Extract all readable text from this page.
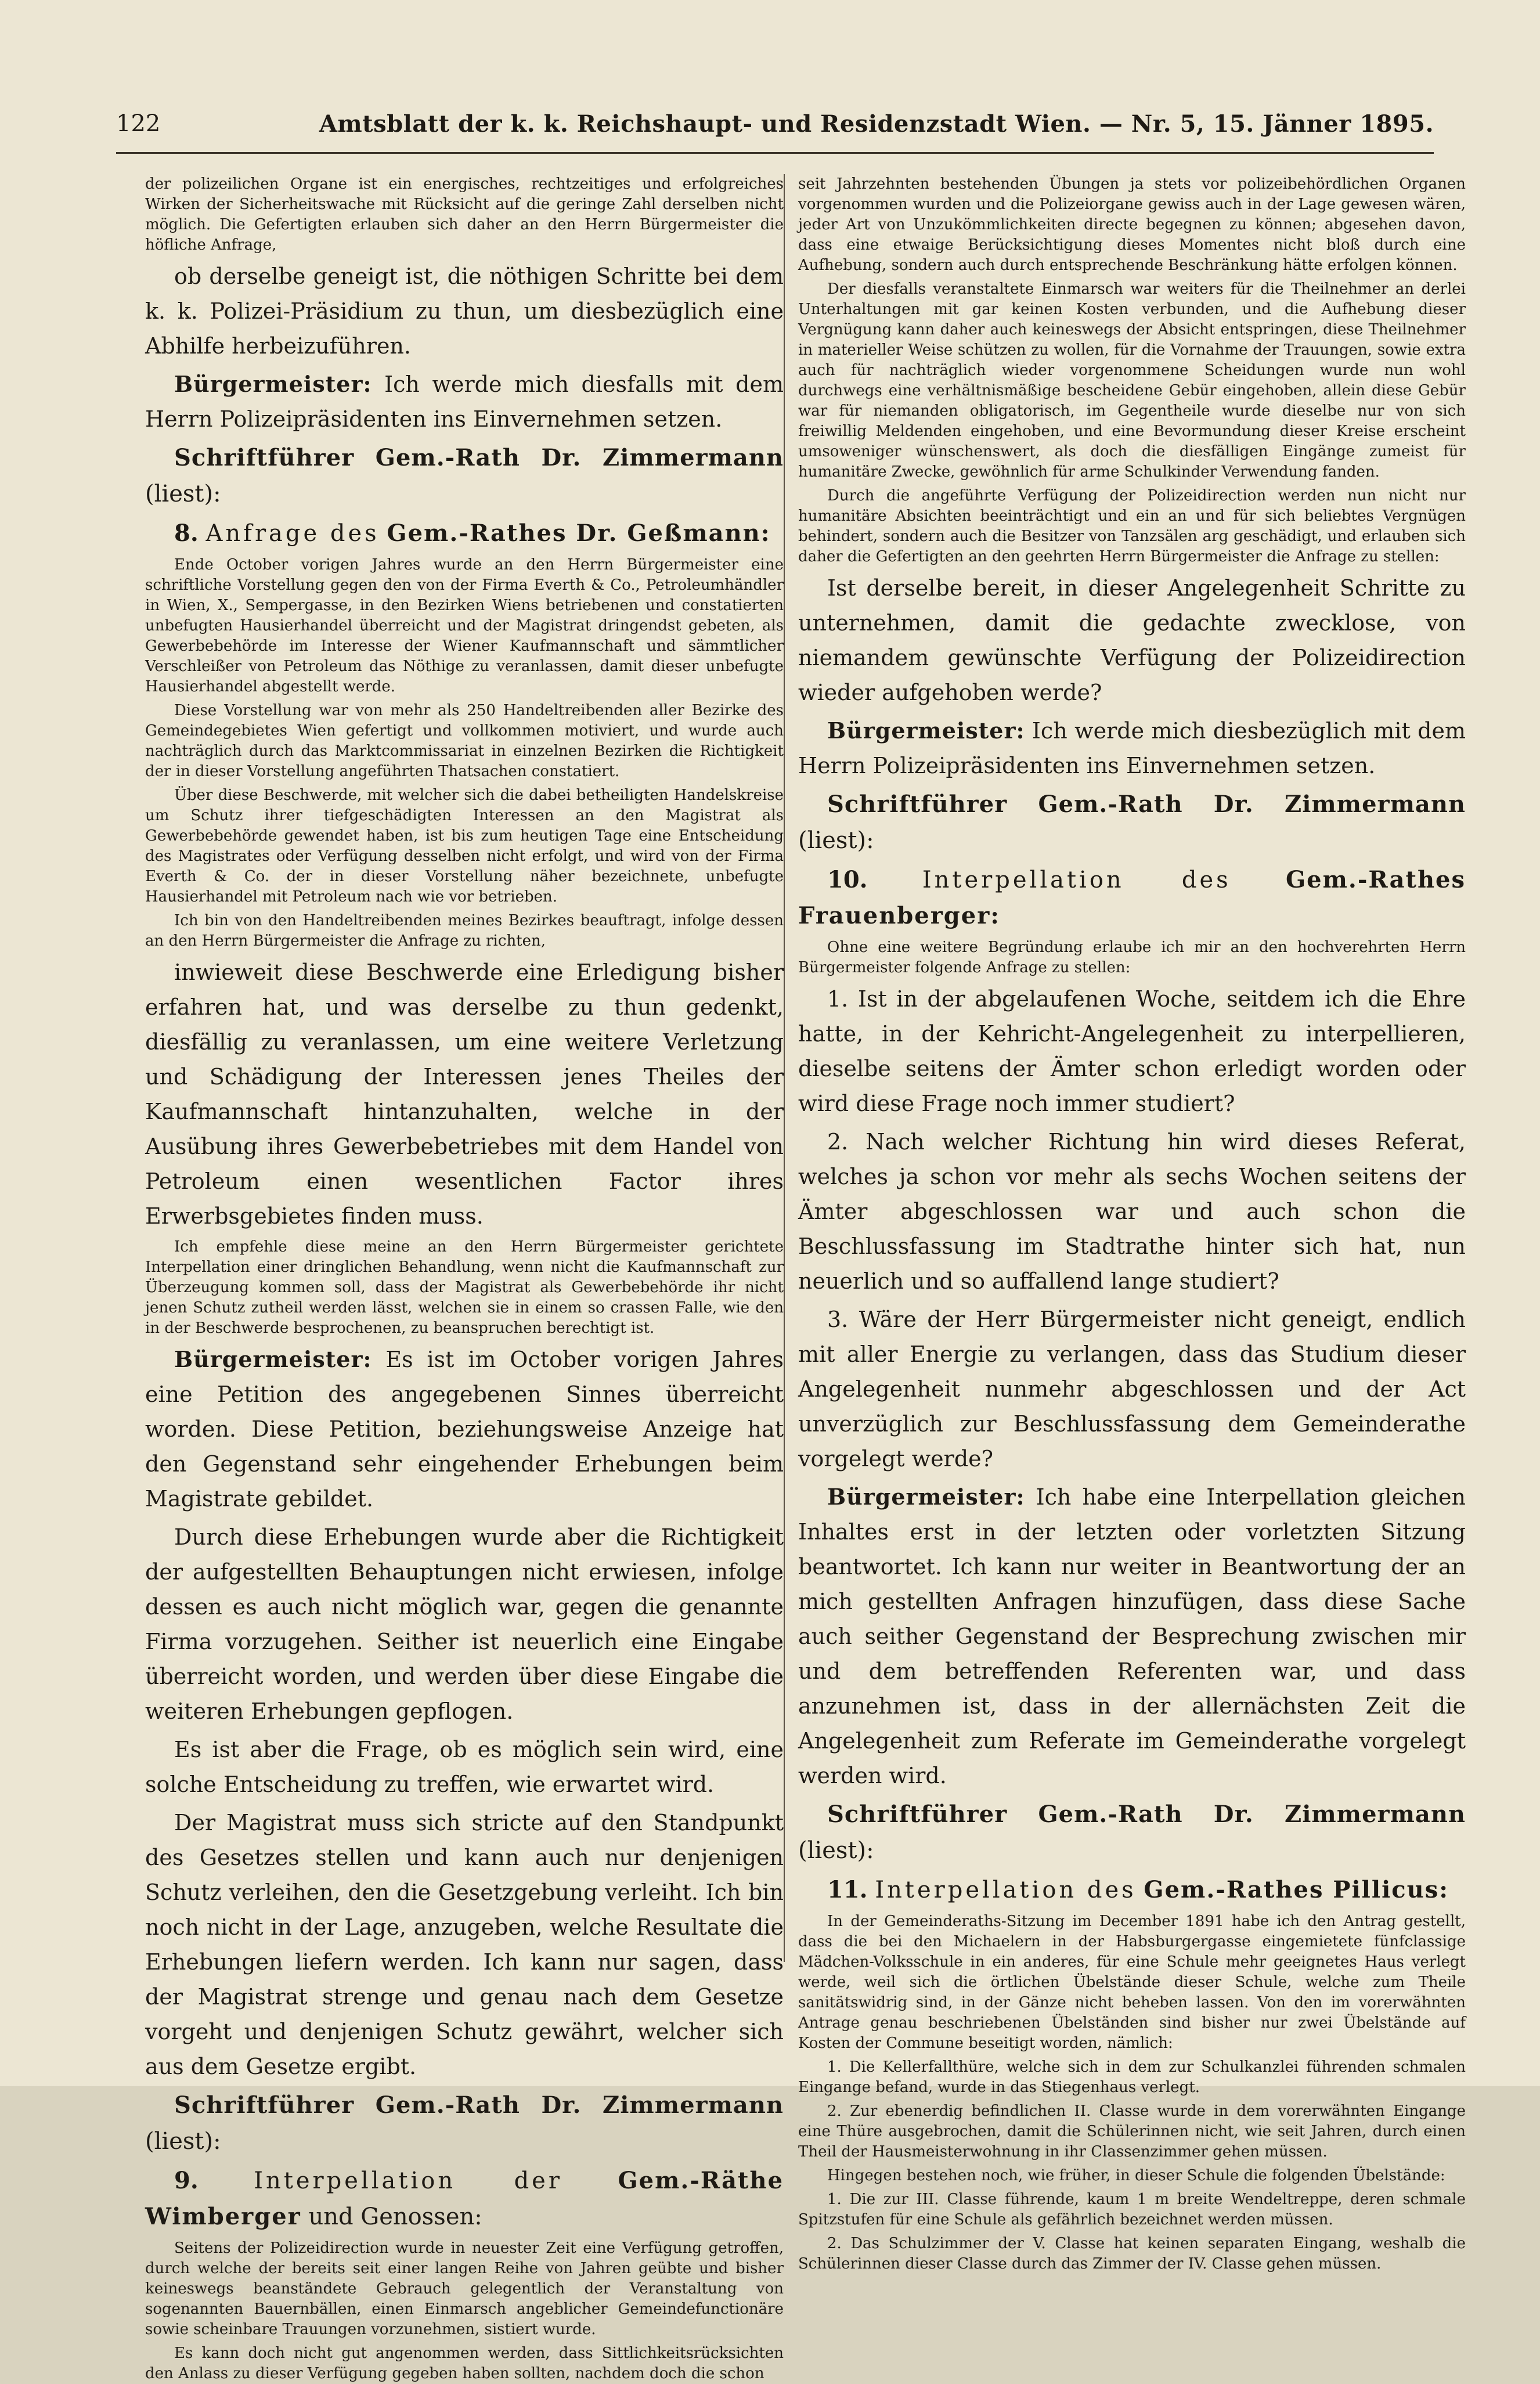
122	Amtsblatt der k. k. Reichshaupt- und Residenzstadt Wien. — Nr. 5, 15. Jänner 1895.

der polizeilichen Organe ist ein energisches, rechtzeitiges und erfolgreiches Wirken der Sicherheitswache mit Rücksicht auf die geringe Zahl derselben nicht möglich. Die Gefertigten erlauben sich daher an den Herrn Bürgermeister die höfliche Anfrage,

ob derselbe geneigt ist, die nöthigen Schritte bei dem k. k. Polizei-Präsidium zu thun, um diesbezüglich eine Abhilfe herbeizuführen.

Bürgermeister: Ich werde mich diesfalls mit dem Herrn Polizeipräsidenten ins Einvernehmen setzen.

Schriftführer Gem.-Rath Dr. Zimmermann (liest):

8. Anfrage des Gem.-Rathes Dr. Geßmann:

Ende October vorigen Jahres wurde an den Herrn Bürgermeister eine schriftliche Vorstellung gegen den von der Firma Everth & Co., Petroleumhändler in Wien, X., Sempergasse, in den Bezirken Wiens betriebenen und constatierten unbefugten Hausierhandel überreicht und der Magistrat dringendst gebeten, als Gewerbebehörde im Interesse der Wiener Kaufmannschaft und sämmtlicher Verschleißer von Petroleum das Nöthige zu veranlassen, damit dieser unbefugte Hausierhandel abgestellt werde.

Diese Vorstellung war von mehr als 250 Handeltreibenden aller Bezirke des Gemeindegebietes Wien gefertigt und vollkommen motiviert, und wurde auch nachträglich durch das Marktcommissariat in einzelnen Bezirken die Richtigkeit der in dieser Vorstellung angeführten Thatsachen constatiert.

Über diese Beschwerde, mit welcher sich die dabei betheiligten Handelskreise um Schutz ihrer tiefgeschädigten Interessen an den Magistrat als Gewerbebehörde gewendet haben, ist bis zum heutigen Tage eine Entscheidung des Magistrates oder Verfügung desselben nicht erfolgt, und wird von der Firma Everth & Co. der in dieser Vorstellung näher bezeichnete, unbefugte Hausierhandel mit Petroleum nach wie vor betrieben.

Ich bin von den Handeltreibenden meines Bezirkes beauftragt, infolge dessen an den Herrn Bürgermeister die Anfrage zu richten,

inwieweit diese Beschwerde eine Erledigung bisher erfahren hat, und was derselbe zu thun gedenkt, diesfällig zu veranlassen, um eine weitere Verletzung und Schädigung der Interessen jenes Theiles der Kaufmannschaft hintanzuhalten, welche in der Ausübung ihres Gewerbebetriebes mit dem Handel von Petroleum einen wesentlichen Factor ihres Erwerbsgebietes finden muss.

Ich empfehle diese meine an den Herrn Bürgermeister gerichtete Interpellation einer dringlichen Behandlung, wenn nicht die Kaufmannschaft zur Überzeugung kommen soll, dass der Magistrat als Gewerbebehörde ihr nicht jenen Schutz zutheil werden lässt, welchen sie in einem so crassen Falle, wie den in der Beschwerde besprochenen, zu beanspruchen berechtigt ist.

Bürgermeister: Es ist im October vorigen Jahres eine Petition des angegebenen Sinnes überreicht worden. Diese Petition, beziehungsweise Anzeige hat den Gegenstand sehr eingehender Erhebungen beim Magistrate gebildet.

Durch diese Erhebungen wurde aber die Richtigkeit der aufgestellten Behauptungen nicht erwiesen, infolge dessen es auch nicht möglich war, gegen die genannte Firma vorzugehen. Seither ist neuerlich eine Eingabe überreicht worden, und werden über diese Eingabe die weiteren Erhebungen gepflogen.

Es ist aber die Frage, ob es möglich sein wird, eine solche Entscheidung zu treffen, wie erwartet wird.

Der Magistrat muss sich stricte auf den Standpunkt des Gesetzes stellen und kann auch nur denjenigen Schutz verleihen, den die Gesetzgebung verleiht. Ich bin noch nicht in der Lage, anzugeben, welche Resultate die Erhebungen liefern werden. Ich kann nur sagen, dass der Magistrat strenge und genau nach dem Gesetze vorgeht und denjenigen Schutz gewährt, welcher sich aus dem Gesetze ergibt.

Schriftführer Gem.-Rath Dr. Zimmermann (liest):

9. Interpellation der Gem.-Räthe Wimberger und Genossen:

Seitens der Polizeidirection wurde in neuester Zeit eine Verfügung getroffen, durch welche der bereits seit einer langen Reihe von Jahren geübte und bisher keineswegs beanständete Gebrauch gelegentlich der Veranstaltung von sogenannten Bauernbällen, einen Einmarsch angeblicher Gemeindefunctionäre sowie scheinbare Trauungen vorzunehmen, sistiert wurde.

Es kann doch nicht gut angenommen werden, dass Sittlichkeitsrücksichten den Anlass zu dieser Verfügung gegeben haben sollten, nachdem doch die schon

seit Jahrzehnten bestehenden Übungen ja stets vor polizeibehördlichen Organen vorgenommen wurden und die Polizeiorgane gewiss auch in der Lage gewesen wären, jeder Art von Unzukömmlichkeiten directe begegnen zu können; abgesehen davon, dass eine etwaige Berücksichtigung dieses Momentes nicht bloß durch eine Aufhebung, sondern auch durch entsprechende Beschränkung hätte erfolgen können.

Der diesfalls veranstaltete Einmarsch war weiters für die Theilnehmer an derlei Unterhaltungen mit gar keinen Kosten verbunden, und die Aufhebung dieser Vergnügung kann daher auch keineswegs der Absicht entspringen, diese Theilnehmer in materieller Weise schützen zu wollen, für die Vornahme der Trauungen, sowie extra auch für nachträglich wieder vorgenommene Scheidungen wurde nun wohl durchwegs eine verhältnismäßige bescheidene Gebür eingehoben, allein diese Gebür war für niemanden obligatorisch, im Gegentheile wurde dieselbe nur von sich freiwillig Meldenden eingehoben, und eine Bevormundung dieser Kreise erscheint umsoweniger wünschenswert, als doch die diesfälligen Eingänge zumeist für humanitäre Zwecke, gewöhnlich für arme Schulkinder Verwendung fanden.

Durch die angeführte Verfügung der Polizeidirection werden nun nicht nur humanitäre Absichten beeinträchtigt und ein an und für sich beliebtes Vergnügen behindert, sondern auch die Besitzer von Tanzsälen arg geschädigt, und erlauben sich daher die Gefertigten an den geehrten Herrn Bürgermeister die Anfrage zu stellen:

Ist derselbe bereit, in dieser Angelegenheit Schritte zu unternehmen, damit die gedachte zwecklose, von niemandem gewünschte Verfügung der Polizeidirection wieder aufgehoben werde?

Bürgermeister: Ich werde mich diesbezüglich mit dem Herrn Polizeipräsidenten ins Einvernehmen setzen.

Schriftführer Gem.-Rath Dr. Zimmermann (liest):

10. Interpellation des Gem.-Rathes Frauenberger:

Ohne eine weitere Begründung erlaube ich mir an den hochverehrten Herrn Bürgermeister folgende Anfrage zu stellen:

1. Ist in der abgelaufenen Woche, seitdem ich die Ehre hatte, in der Kehricht-Angelegenheit zu interpellieren, dieselbe seitens der Ämter schon erledigt worden oder wird diese Frage noch immer studiert?

2. Nach welcher Richtung hin wird dieses Referat, welches ja schon vor mehr als sechs Wochen seitens der Ämter abgeschlossen war und auch schon die Beschlussfassung im Stadtrathe hinter sich hat, nun neuerlich und so auffallend lange studiert?

3. Wäre der Herr Bürgermeister nicht geneigt, endlich mit aller Energie zu verlangen, dass das Studium dieser Angelegenheit nunmehr abgeschlossen und der Act unverzüglich zur Beschlussfassung dem Gemeinderathe vorgelegt werde?

Bürgermeister: Ich habe eine Interpellation gleichen Inhaltes erst in der letzten oder vorletzten Sitzung beantwortet. Ich kann nur weiter in Beantwortung der an mich gestellten Anfragen hinzufügen, dass diese Sache auch seither Gegenstand der Besprechung zwischen mir und dem betreffenden Referenten war, und dass anzunehmen ist, dass in der allernächsten Zeit die Angelegenheit zum Referate im Gemeinderathe vorgelegt werden wird.

Schriftführer Gem.-Rath Dr. Zimmermann (liest):

11. Interpellation des Gem.-Rathes Pillicus:

In der Gemeinderaths-Sitzung im December 1891 habe ich den Antrag gestellt, dass die bei den Michaelern in der Habsburgergasse eingemietete fünfclassige Mädchen-Volksschule in ein anderes, für eine Schule mehr geeignetes Haus verlegt werde, weil sich die örtlichen Übelstände dieser Schule, welche zum Theile sanitätswidrig sind, in der Gänze nicht beheben lassen. Von den im vorerwähnten Antrage genau beschriebenen Übelständen sind bisher nur zwei Übelstände auf Kosten der Commune beseitigt worden, nämlich:

1. Die Kellerfallthüre, welche sich in dem zur Schulkanzlei führenden schmalen Eingange befand, wurde in das Stiegenhaus verlegt.

2. Zur ebenerdig befindlichen II. Classe wurde in dem vorerwähnten Eingange eine Thüre ausgebrochen, damit die Schülerinnen nicht, wie seit Jahren, durch einen Theil der Hausmeisterwohnung in ihr Classenzimmer gehen müssen.

Hingegen bestehen noch, wie früher, in dieser Schule die folgenden Übelstände:

1. Die zur III. Classe führende, kaum 1 m breite Wendeltreppe, deren schmale Spitzstufen für eine Schule als gefährlich bezeichnet werden müssen.

2. Das Schulzimmer der V. Classe hat keinen separaten Eingang, weshalb die Schülerinnen dieser Classe durch das Zimmer der IV. Classe gehen müssen.
